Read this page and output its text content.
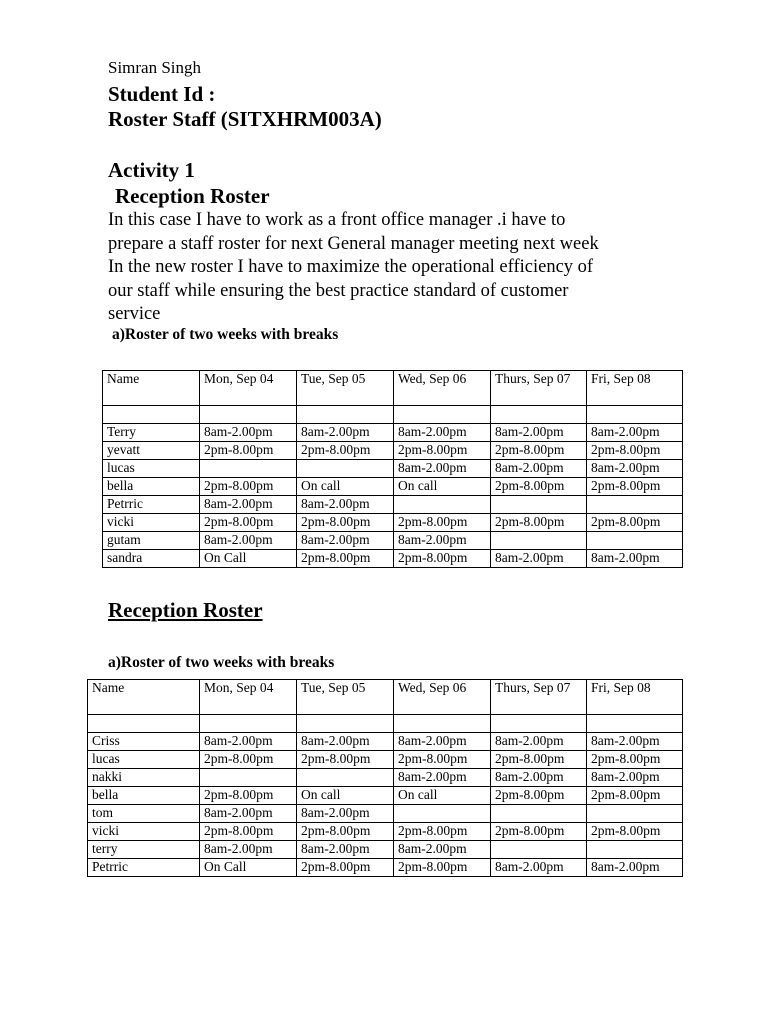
Simran Singh
Student Id :
Roster Staff (SITXHRM003A)
Activity 1
Reception Roster
In this case I have to work as a front office manager .i have to
prepare a staff roster for next General manager meeting next week
In the new roster I have to maximize the operational efficiency of
our staff while ensuring the best practice standard of customer
service
a)Roster of two weeks with breaks
Name	Mon, Sep 04	Tue, Sep 05	Wed, Sep 06	Thurs, Sep 07	Fri, Sep 08

Terry	8am-2.00pm	8am-2.00pm	8am-2.00pm	8am-2.00pm	8am-2.00pm
yevatt	2pm-8.00pm	2pm-8.00pm	2pm-8.00pm	2pm-8.00pm	2pm-8.00pm
lucas			8am-2.00pm	8am-2.00pm	8am-2.00pm
bella	2pm-8.00pm	On call	On call	2pm-8.00pm	2pm-8.00pm
Petrric	8am-2.00pm	8am-2.00pm			
vicki	2pm-8.00pm	2pm-8.00pm	2pm-8.00pm	2pm-8.00pm	2pm-8.00pm
gutam	8am-2.00pm	8am-2.00pm	8am-2.00pm		
sandra	On Call	2pm-8.00pm	2pm-8.00pm	8am-2.00pm	8am-2.00pm
Reception Roster
a)Roster of two weeks with breaks
Name	Mon, Sep 04	Tue, Sep 05	Wed, Sep 06	Thurs, Sep 07	Fri, Sep 08

Criss	8am-2.00pm	8am-2.00pm	8am-2.00pm	8am-2.00pm	8am-2.00pm
lucas	2pm-8.00pm	2pm-8.00pm	2pm-8.00pm	2pm-8.00pm	2pm-8.00pm
nakki			8am-2.00pm	8am-2.00pm	8am-2.00pm
bella	2pm-8.00pm	On call	On call	2pm-8.00pm	2pm-8.00pm
tom	8am-2.00pm	8am-2.00pm			
vicki	2pm-8.00pm	2pm-8.00pm	2pm-8.00pm	2pm-8.00pm	2pm-8.00pm
terry	8am-2.00pm	8am-2.00pm	8am-2.00pm		
Petrric	On Call	2pm-8.00pm	2pm-8.00pm	8am-2.00pm	8am-2.00pm
